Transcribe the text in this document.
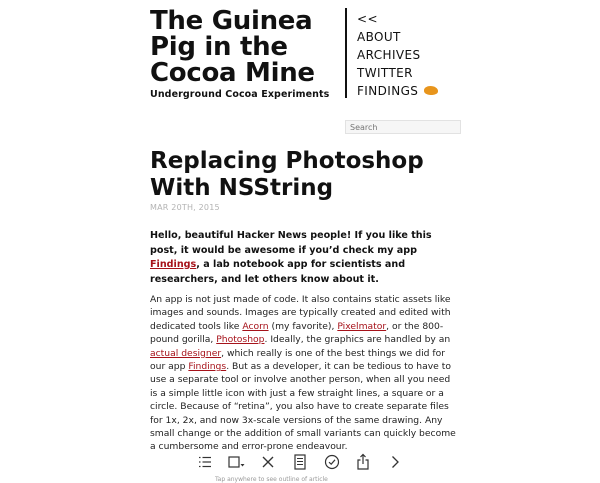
The Guinea Pig in the Cocoa Mine
Underground Cocoa Experiments
<<
ABOUT
ARCHIVES
TWITTER
FINDINGS
Search
Replacing Photoshop With NSString
MAR 20TH, 2015

Hello, beautiful Hacker News people! If you like this post, it would be awesome if you’d check my app Findings, a lab notebook app for scientists and researchers, and let others know about it.

An app is not just made of code. It also contains static assets like images and sounds. Images are typically created and edited with dedicated tools like Acorn (my favorite), Pixelmator, or the 800-pound gorilla, Photoshop. Ideally, the graphics are handled by an actual designer, which really is one of the best things we did for our app Findings. But as a developer, it can be tedious to have to use a separate tool or involve another person, when all you need is a simple little icon with just a few straight lines, a square or a circle. Because of “retina”, you also have to create separate files for 1x, 2x, and now 3x-scale versions of the same drawing. Any small change or the addition of small variants can quickly become a cumbersome and error-prone endeavour.

Tap anywhere to see outline of article
